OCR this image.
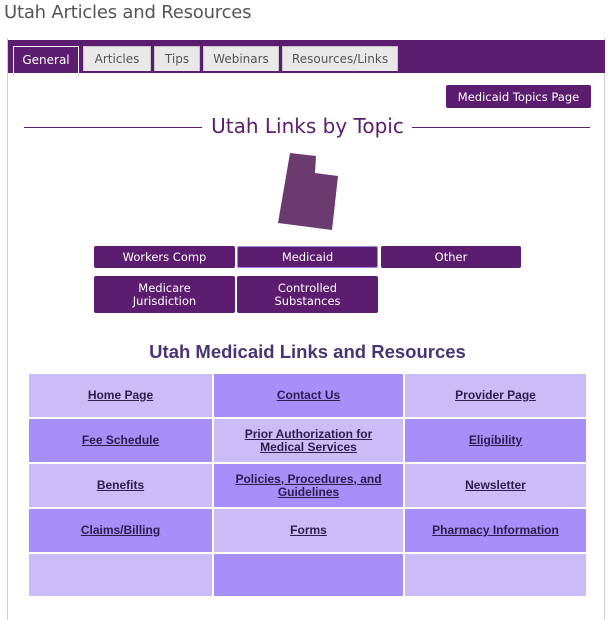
Utah Articles and Resources
General	Articles	Tips	Webinars	Resources/Links
Medicaid Topics Page
Utah Links by Topic
Workers Comp	Medicaid	Other
Medicare
Jurisdiction
Controlled
Substances
Utah Medicaid Links and Resources
Home Page	Contact Us	Provider Page
Fee Schedule	Prior Authorization for Medical Services	Eligibility
Benefits	Policies, Procedures, and Guidelines	Newsletter
Claims/Billing	Forms	Pharmacy Information
